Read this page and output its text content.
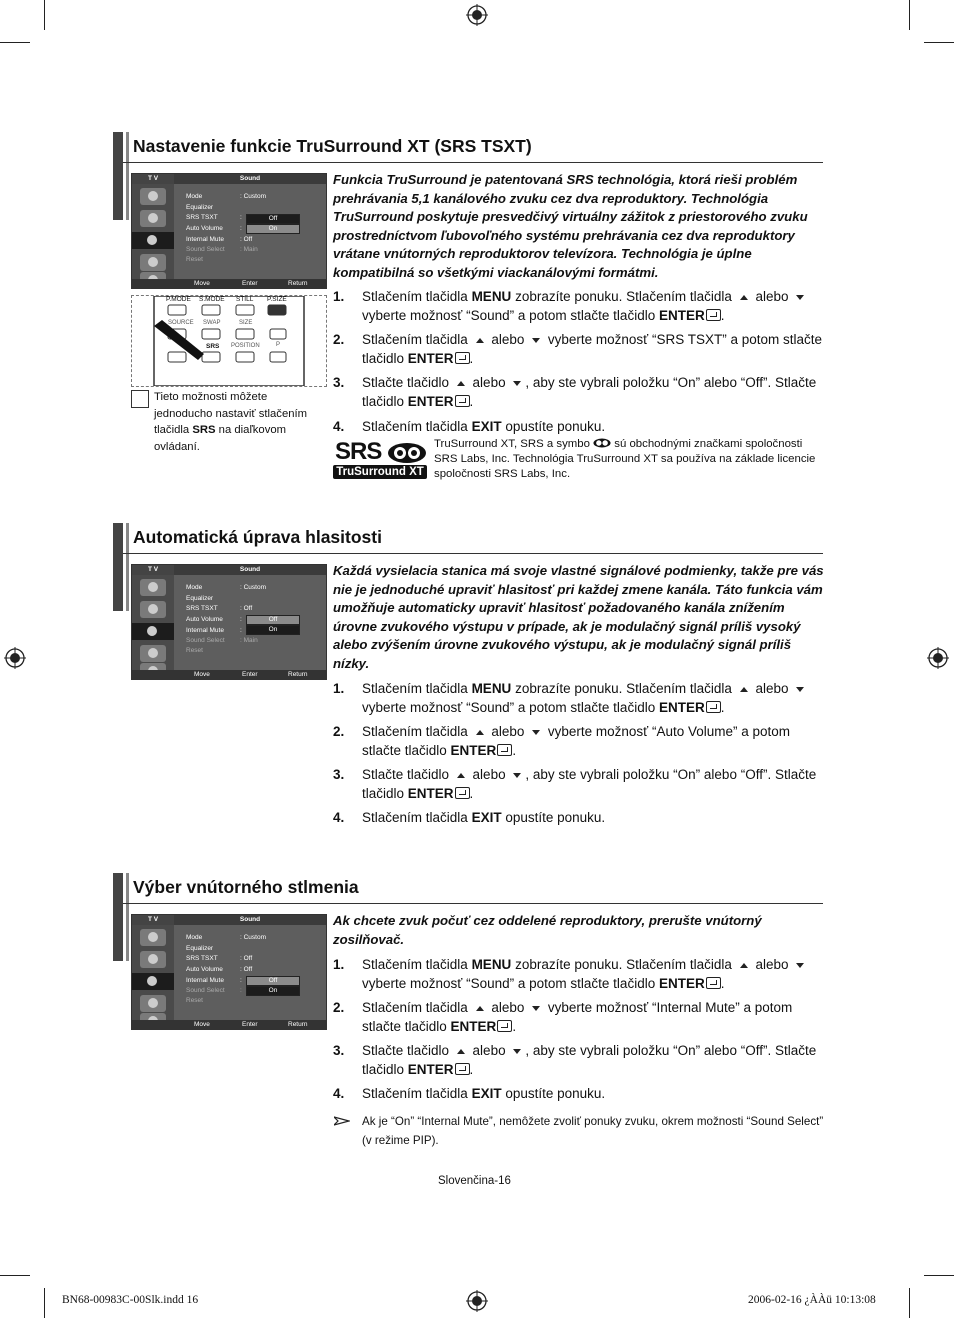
Nastavenie funkcie TruSurround XT (SRS TSXT)
T V	Sound
Mode	: Custom
Equalizer
SRS TSXT	:
Auto Volume	:
Internal Mute : Off
Sound Select : Main
Reset
Off
On
Move	Enter	Return
P.MODE S.MODE STILL P.SIZE
SOURCE SWAP	SIZE
SRS POSITION	P
Tieto možnosti môžete jednoducho nastaviť stlačením tlačidla SRS na diaľkovom ovládaní.
Funkcia TruSurround je patentovaná SRS technológia, ktorá rieši problém prehrávania 5,1 kanálového zvuku cez dva reproduktory. Technológia TruSurround poskytuje presvedčivý virtuálny zážitok z priestorového zvuku prostredníctvom ľubovoľného systému prehrávania cez dva reproduktory vrátane vnútorných reproduktorov televízora. Technológia je úplne kompatibilná so všetkými viackanálovými formátmi.
1. Stlačením tlačidla MENU zobrazíte ponuku. Stlačením tlačidla  alebo  vyberte možnosť “Sound” a potom stlačte tlačidlo ENTER .
2. Stlačením tlačidla  alebo  vyberte možnosť “SRS TSXT” a potom stlačte tlačidlo ENTER .
3. Stlačte tlačidlo  alebo , aby ste vybrali položku “On” alebo “Off”. Stlačte tlačidlo ENTER .
4. Stlačením tlačidla EXIT opustíte ponuku.
SRS
TruSurround XT
TruSurround XT, SRS a symbo  sú obchodnými značkami spoločnosti SRS Labs, Inc. Technológia TruSurround XT sa používa na základe licencie spoločnosti SRS Labs, Inc.
Automatická úprava hlasitosti
T V	Sound
Mode	: Custom
Equalizer
SRS TSXT	: Off
Auto Volume	:
Internal Mute :
Sound Select : Main
Reset
Off
On
Move	Enter	Return
Každá vysielacia stanica má svoje vlastné signálové podmienky, takže pre vás nie je jednoduché upraviť hlasitosť pri každej zmene kanála. Táto funkcia vám umožňuje automaticky upraviť hlasitosť požadovaného kanála znížením úrovne zvukového výstupu v prípade, ak je modulačný signál príliš vysoký alebo zvýšením úrovne zvukového výstupu, ak je modulačný signál príliš nízky.
1. Stlačením tlačidla MENU zobrazíte ponuku. Stlačením tlačidla  alebo  vyberte možnosť “Sound” a potom stlačte tlačidlo ENTER .
2. Stlačením tlačidla  alebo  vyberte možnosť “Auto Volume” a potom stlačte tlačidlo ENTER .
3. Stlačte tlačidlo  alebo , aby ste vybrali položku “On” alebo “Off”. Stlačte tlačidlo ENTER .
4. Stlačením tlačidla EXIT opustíte ponuku.
Výber vnútorného stlmenia
T V	Sound
Mode	: Custom
Equalizer
SRS TSXT	: Off
Auto Volume	: Off
Internal Mute :
Sound Select :
Reset
Off
On
Move	Enter	Return
Ak chcete zvuk počuť cez oddelené reproduktory, prerušte vnútorný zosilňovač.
1. Stlačením tlačidla MENU zobrazíte ponuku. Stlačením tlačidla  alebo  vyberte možnosť “Sound” a potom stlačte tlačidlo ENTER .
2. Stlačením tlačidla  alebo  vyberte možnosť “Internal Mute” a potom stlačte tlačidlo ENTER .
3. Stlačte tlačidlo  alebo , aby ste vybrali položku “On” alebo “Off”. Stlačte tlačidlo ENTER .
4. Stlačením tlačidla EXIT opustíte ponuku.
Ak je “On” “Internal Mute”, nemôžete zvoliť ponuky zvuku, okrem možnosti “Sound Select” (v režime PIP).
Slovenčina-16
BN68-00983C-00Slk.indd 16	2006-02-16 ¿ÀÀü 10:13:08
